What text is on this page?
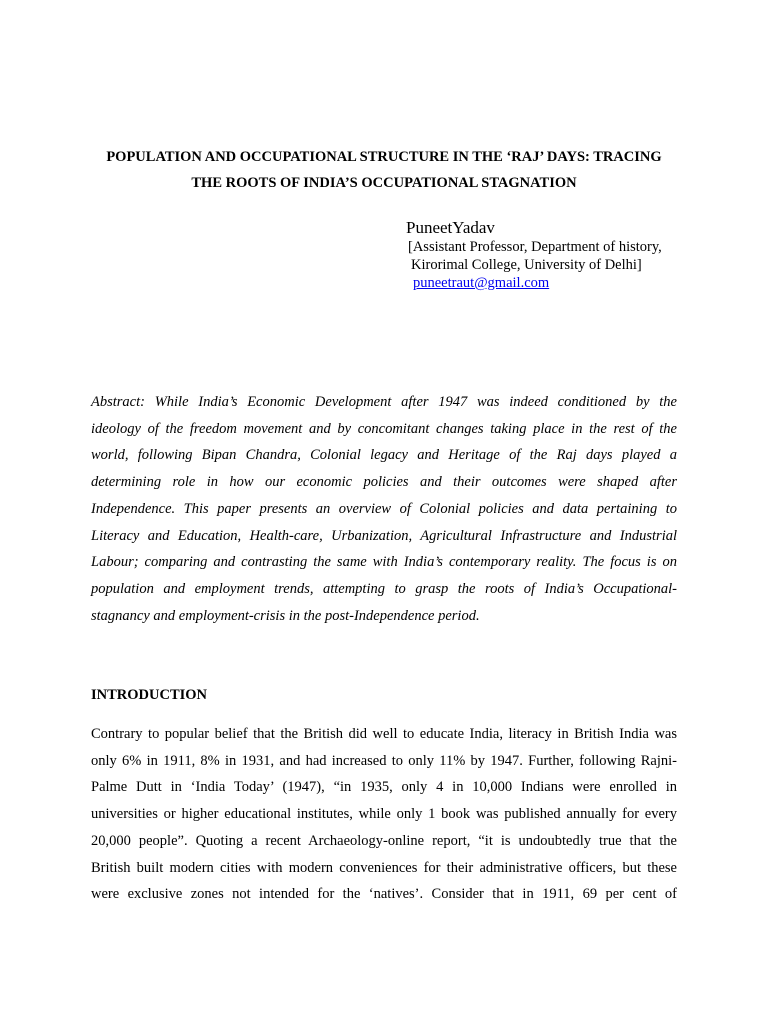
POPULATION AND OCCUPATIONAL STRUCTURE IN THE ‘RAJ’ DAYS: TRACING
THE ROOTS OF INDIA’S OCCUPATIONAL STAGNATION
PuneetYadav
[Assistant Professor, Department of history,
Kirorimal College, University of Delhi]
puneetraut@gmail.com
Abstract: While India’s Economic Development after 1947 was indeed conditioned by the
ideology of the freedom movement and by concomitant changes taking place in the rest of the
world, following Bipan Chandra, Colonial legacy and Heritage of the Raj days played a
determining role in how our economic policies and their outcomes were shaped after
Independence. This paper presents an overview of Colonial policies and data pertaining to
Literacy and Education, Health-care, Urbanization, Agricultural Infrastructure and Industrial
Labour; comparing and contrasting the same with India’s contemporary reality. The focus is on
population and employment trends, attempting to grasp the roots of India’s Occupational-
stagnancy and employment-crisis in the post-Independence period.
INTRODUCTION
Contrary to popular belief that the British did well to educate India, literacy in British India was
only 6% in 1911, 8% in 1931, and had increased to only 11% by 1947. Further, following Rajni-
Palme Dutt in ‘India Today’ (1947), “in 1935, only 4 in 10,000 Indians were enrolled in
universities or higher educational institutes, while only 1 book was published annually for every
20,000 people”. Quoting a recent Archaeology-online report, “it is undoubtedly true that the
British built modern cities with modern conveniences for their administrative officers, but these
were exclusive zones not intended for the ‘natives’. Consider that in 1911, 69 per cent of
